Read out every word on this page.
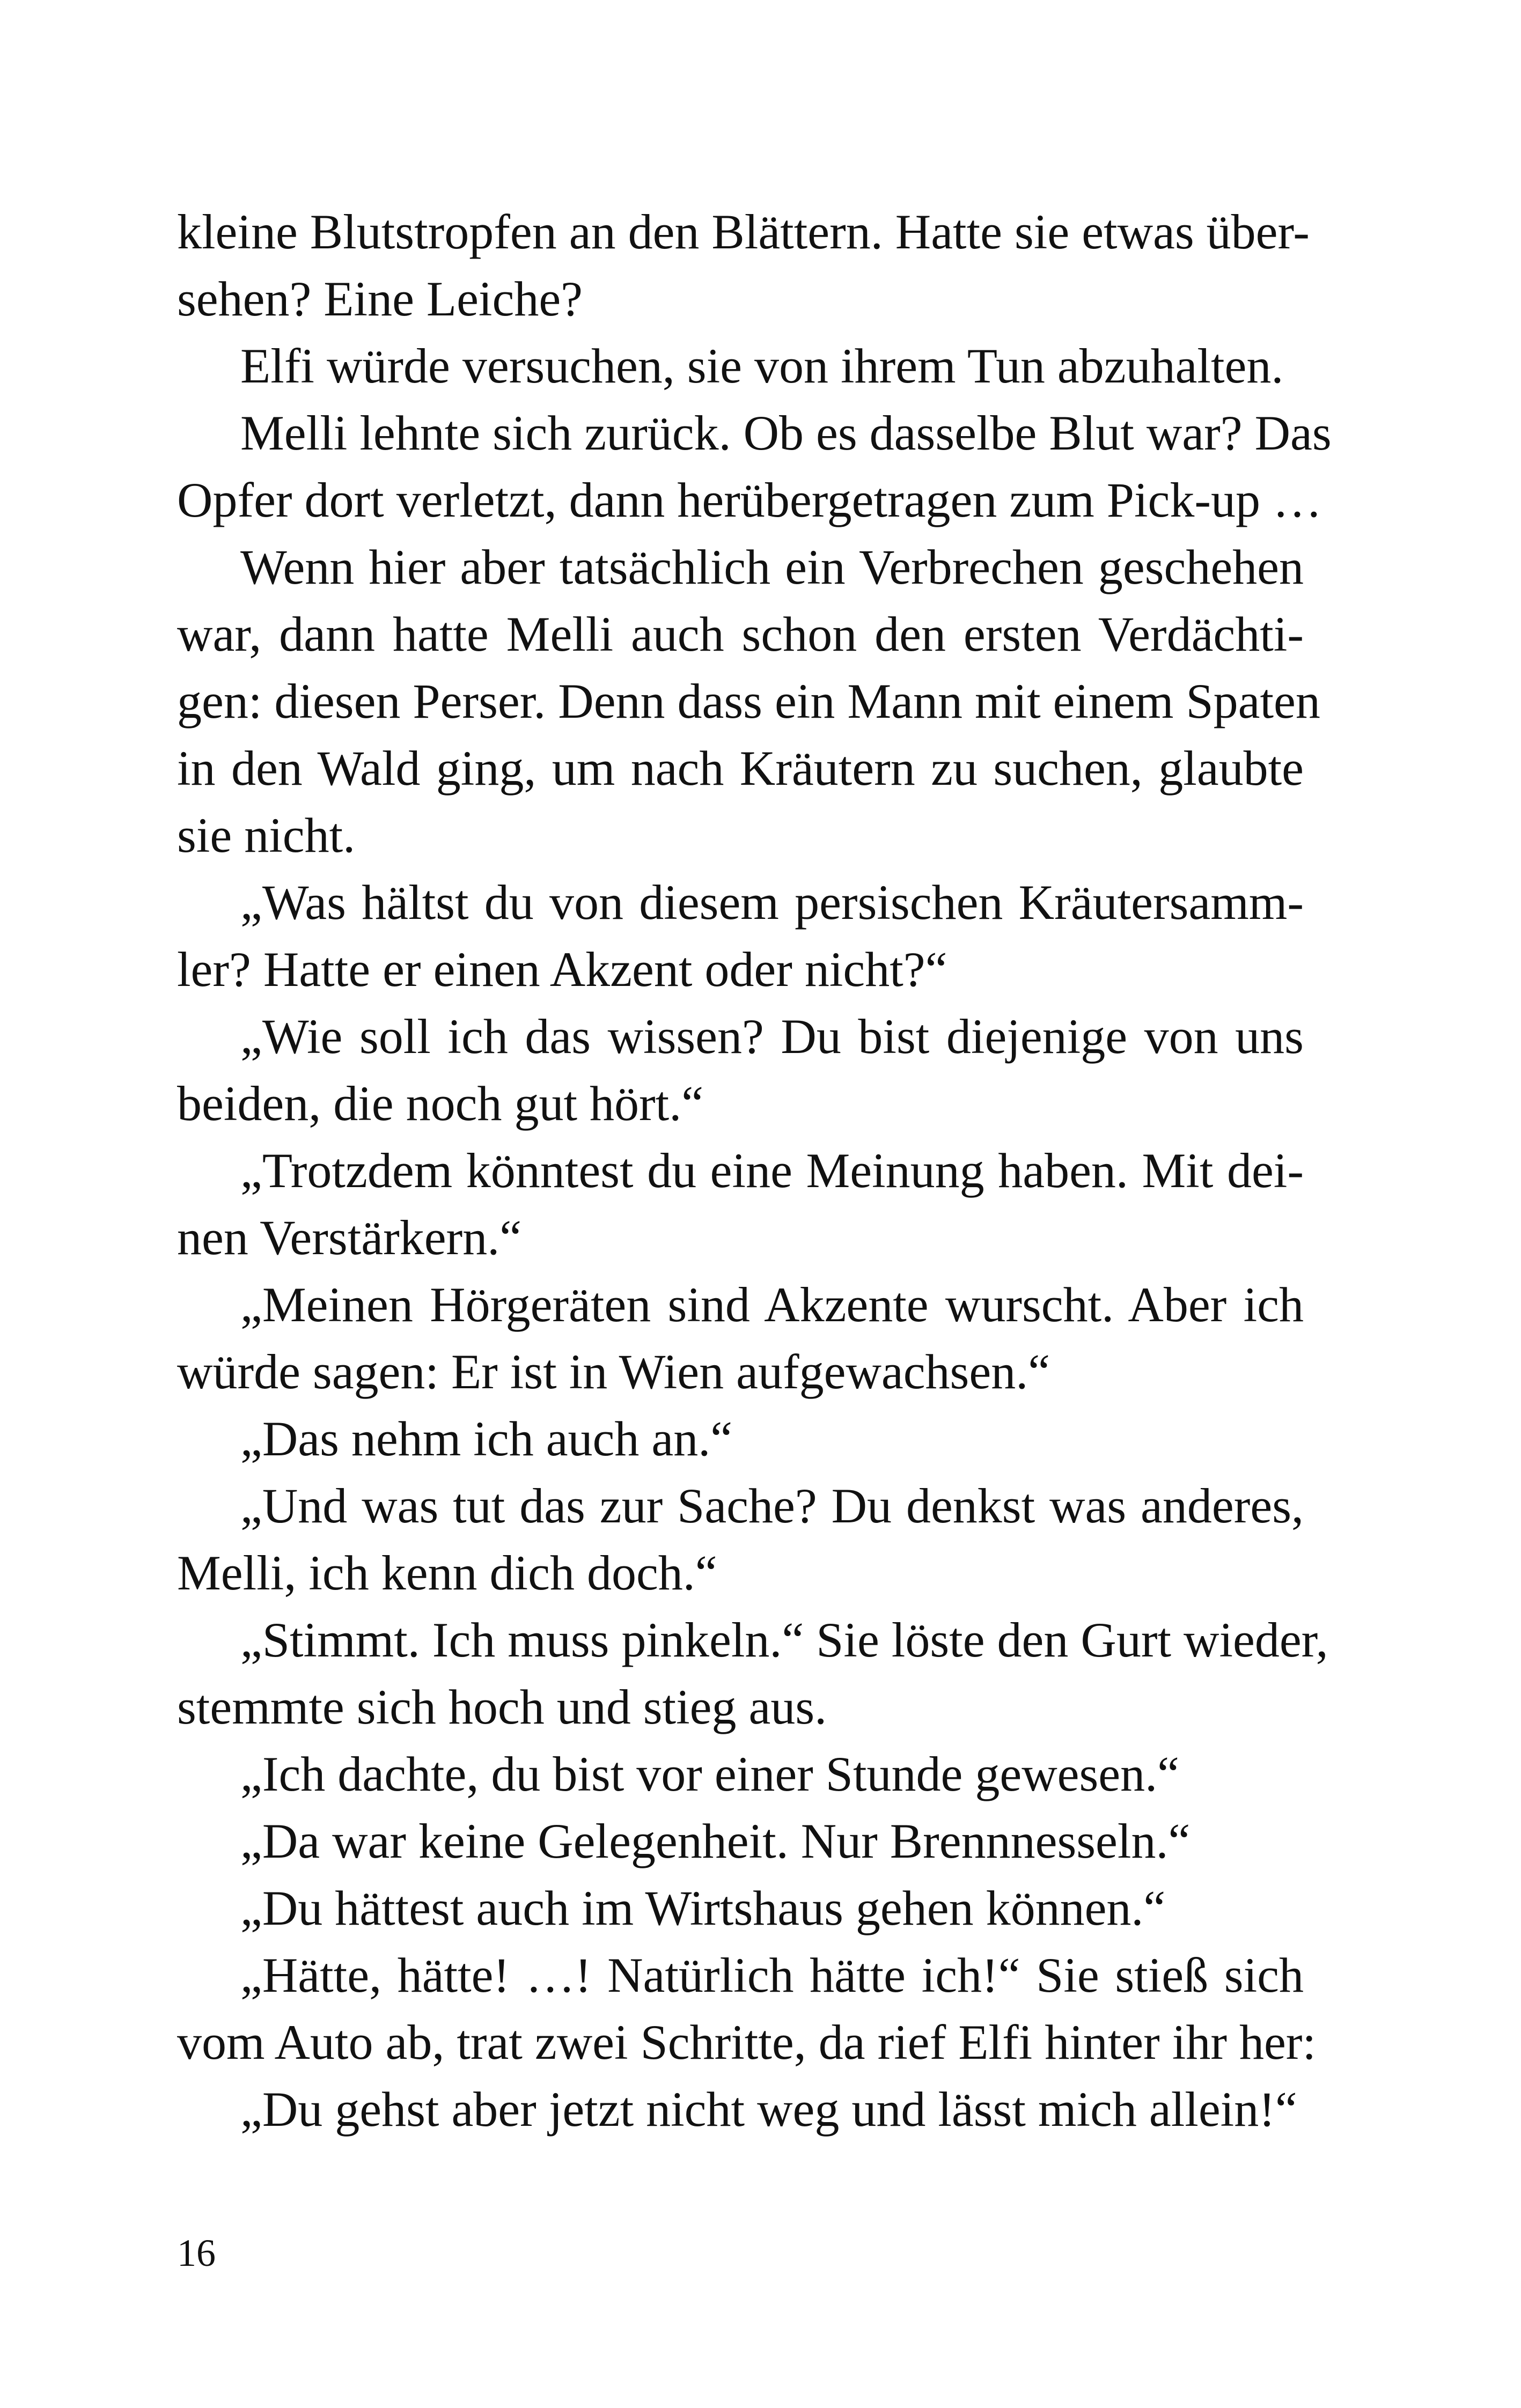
kleine Blutstropfen an den Blättern. Hatte sie etwas über-
sehen? Eine Leiche?
Elfi würde versuchen, sie von ihrem Tun abzuhalten.
Melli lehnte sich zurück. Ob es dasselbe Blut war? Das
Opfer dort verletzt, dann herübergetragen zum Pick-up …
Wenn hier aber tatsächlich ein Verbrechen geschehen
war, dann hatte Melli auch schon den ersten Verdächti-
gen: diesen Perser. Denn dass ein Mann mit einem Spaten
in den Wald ging, um nach Kräutern zu suchen, glaubte
sie nicht.
„Was hältst du von diesem persischen Kräutersamm-
ler? Hatte er einen Akzent oder nicht?“
„Wie soll ich das wissen? Du bist diejenige von uns
beiden, die noch gut hört.“
„Trotzdem könntest du eine Meinung haben. Mit dei-
nen Verstärkern.“
„Meinen Hörgeräten sind Akzente wurscht. Aber ich
würde sagen: Er ist in Wien aufgewachsen.“
„Das nehm ich auch an.“
„Und was tut das zur Sache? Du denkst was anderes,
Melli, ich kenn dich doch.“
„Stimmt. Ich muss pinkeln.“ Sie löste den Gurt wieder,
stemmte sich hoch und stieg aus.
„Ich dachte, du bist vor einer Stunde gewesen.“
„Da war keine Gelegenheit. Nur Brennnesseln.“
„Du hättest auch im Wirtshaus gehen können.“
„Hätte, hätte! …! Natürlich hätte ich!“ Sie stieß sich
vom Auto ab, trat zwei Schritte, da rief Elfi hinter ihr her:
„Du gehst aber jetzt nicht weg und lässt mich allein!“
16
